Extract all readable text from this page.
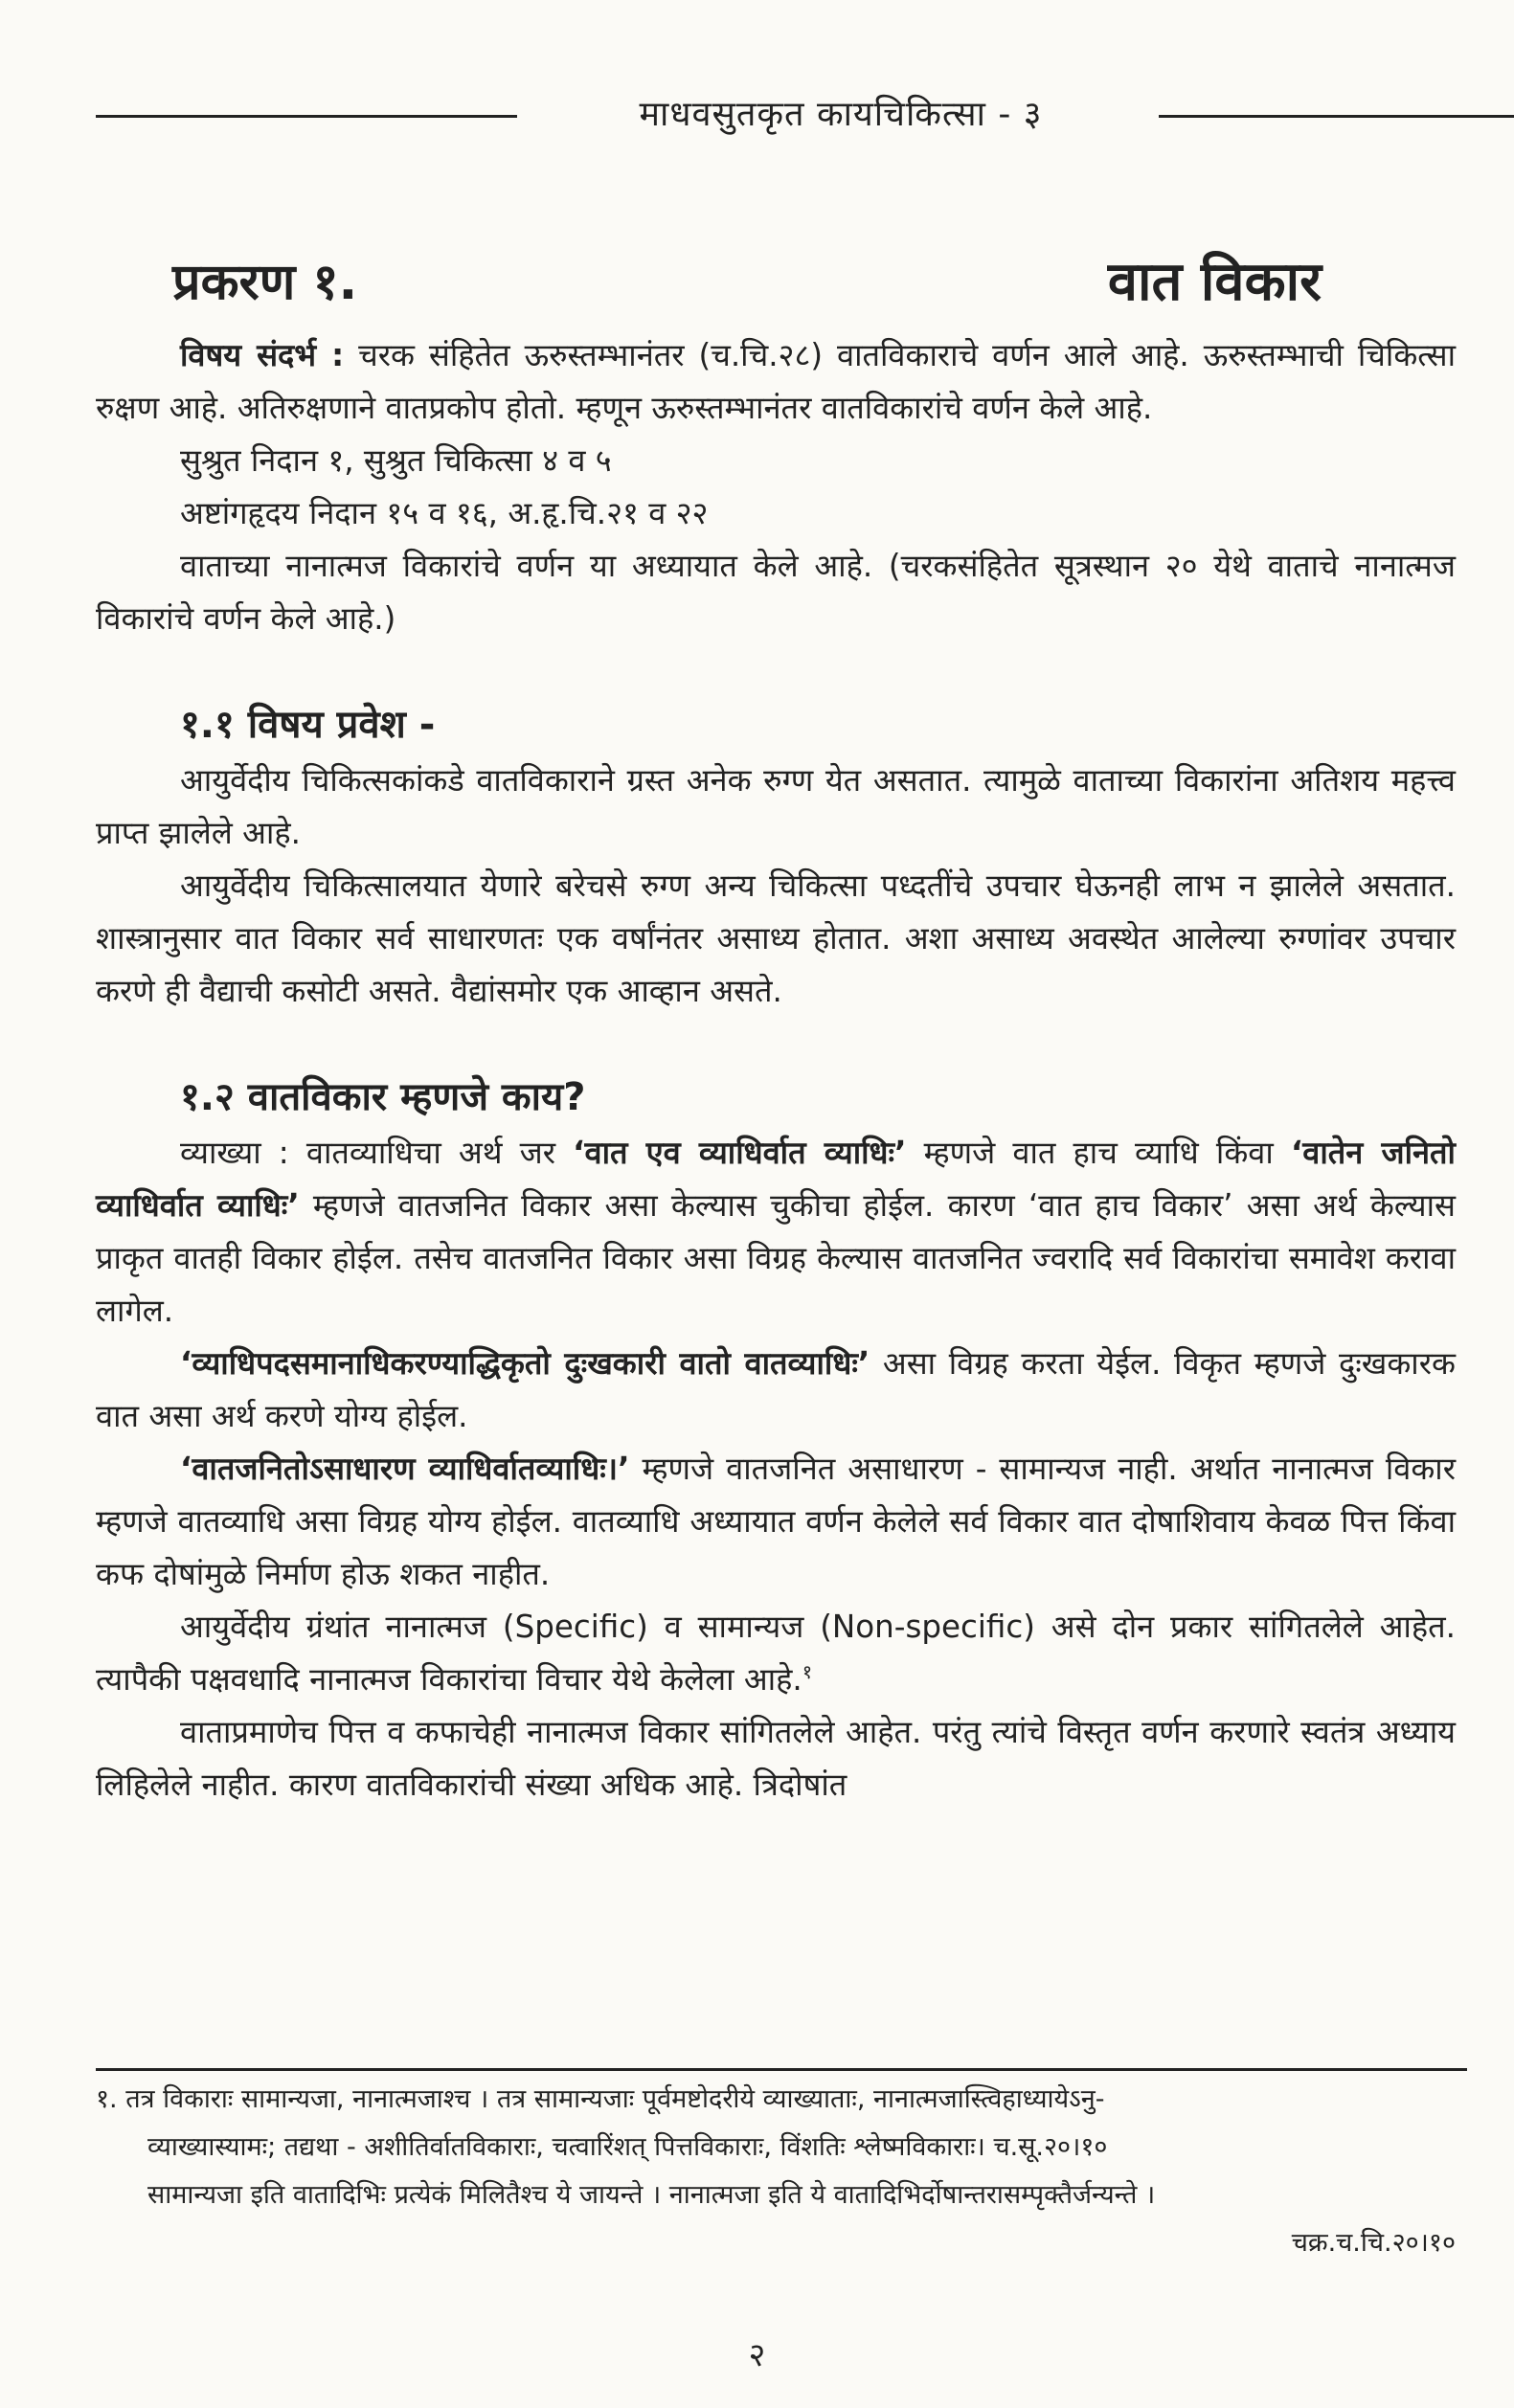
माधवसुतकृत कायचिकित्सा - ३
प्रकरण १.	वात विकार

विषय संदर्भ : चरक संहितेत ऊरुस्तम्भानंतर (च.चि.२८) वातविकाराचे वर्णन आले आहे. ऊरुस्तम्भाची चिकित्सा रुक्षण आहे. अतिरुक्षणाने वातप्रकोप होतो. म्हणून ऊरुस्तम्भानंतर वातविकारांचे वर्णन केले आहे.

सुश्रुत निदान १, सुश्रुत चिकित्सा ४ व ५

अष्टांगहृदय निदान १५ व १६, अ.हृ.चि.२१ व २२

वाताच्या नानात्मज विकारांचे वर्णन या अध्यायात केले आहे. (चरकसंहितेत सूत्रस्थान २० येथे वाताचे नानात्मज विकारांचे वर्णन केले आहे.)

१.१ विषय प्रवेश -

आयुर्वेदीय चिकित्सकांकडे वातविकाराने ग्रस्त अनेक रुग्ण येत असतात. त्यामुळे वाताच्या विकारांना अतिशय महत्त्व प्राप्त झालेले आहे.

आयुर्वेदीय चिकित्सालयात येणारे बरेचसे रुग्ण अन्य चिकित्सा पध्दतींचे उपचार घेऊनही लाभ न झालेले असतात. शास्त्रानुसार वात विकार सर्व साधारणतः एक वर्षांनंतर असाध्य होतात. अशा असाध्य अवस्थेत आलेल्या रुग्णांवर उपचार करणे ही वैद्याची कसोटी असते. वैद्यांसमोर एक आव्हान असते.

१.२ वातविकार म्हणजे काय?

व्याख्या : वातव्याधिचा अर्थ जर ‘वात एव व्याधिर्वात व्याधिः’ म्हणजे वात हाच व्याधि किंवा ‘वातेन जनितो व्याधिर्वात व्याधिः’ म्हणजे वातजनित विकार असा केल्यास चुकीचा होईल. कारण ‘वात हाच विकार’ असा अर्थ केल्यास प्राकृत वातही विकार होईल. तसेच वातजनित विकार असा विग्रह केल्यास वातजनित ज्वरादि सर्व विकारांचा समावेश करावा लागेल.

‘व्याधिपदसमानाधिकरण्याद्धिकृतो दुःखकारी वातो वातव्याधिः’ असा विग्रह करता येईल. विकृत म्हणजे दुःखकारक वात असा अर्थ करणे योग्य होईल.

‘वातजनितोऽसाधारण व्याधिर्वातव्याधिः।’ म्हणजे वातजनित असाधारण - सामान्यज नाही. अर्थात नानात्मज विकार म्हणजे वातव्याधि असा विग्रह योग्य होईल. वातव्याधि अध्यायात वर्णन केलेले सर्व विकार वात दोषाशिवाय केवळ पित्त किंवा कफ दोषांमुळे निर्माण होऊ शकत नाहीत.

आयुर्वेदीय ग्रंथांत नानात्मज (Specific) व सामान्यज (Non-specific) असे दोन प्रकार सांगितलेले आहेत. त्यापैकी पक्षवधादि नानात्मज विकारांचा विचार येथे केलेला आहे.$^१$

वाताप्रमाणेच पित्त व कफाचेही नानात्मज विकार सांगितलेले आहेत. परंतु त्यांचे विस्तृत वर्णन करणारे स्वतंत्र अध्याय लिहिलेले नाहीत. कारण वातविकारांची संख्या अधिक आहे. त्रिदोषांत

१. तत्र विकाराः सामान्यजा, नानात्मजाश्च । तत्र सामान्यजाः पूर्वमष्टोदरीये व्याख्याताः, नानात्मजास्त्विहाध्यायेऽनु-

व्याख्यास्यामः; तद्यथा - अशीतिर्वातविकाराः, चत्वारिंशत् पित्तविकाराः, विंशतिः श्लेष्मविकाराः। च.सू.२०।१०

सामान्यजा इति वातादिभिः प्रत्येकं मिलितैश्च ये जायन्ते । नानात्मजा इति ये वातादिभिर्दोषान्तरासम्पृक्तैर्जन्यन्ते ।

चक्र.च.चि.२०।१०

२
